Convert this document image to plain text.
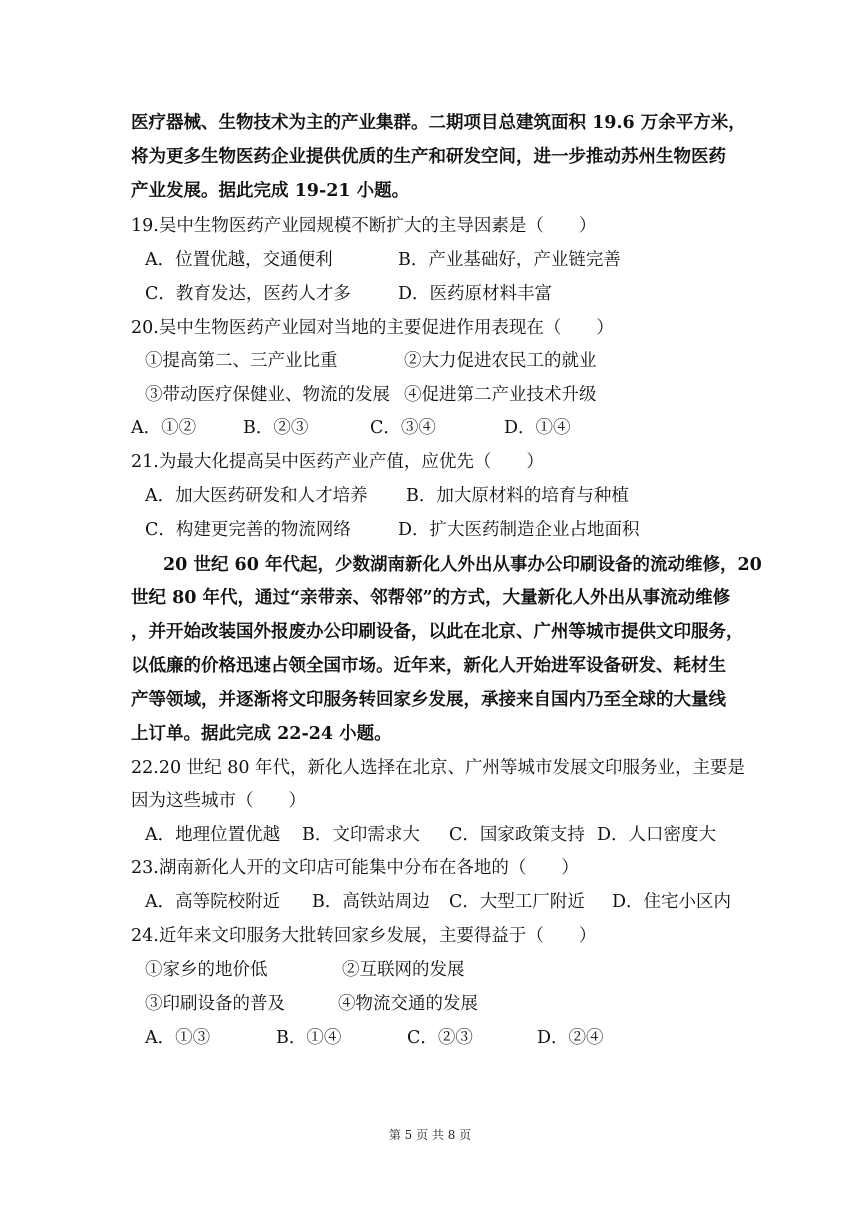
医疗器械、生物技术为主的产业集群。二期项目总建筑面积 19.6 万余平方米，
将为更多生物医药企业提供优质的生产和研发空间，进一步推动苏州生物医药
产业发展。据此完成 19-21 小题。
19.吴中生物医药产业园规模不断扩大的主导因素是（　　）
A．位置优越，交通便利	B．产业基础好，产业链完善
C．教育发达，医药人才多	D．医药原材料丰富
20.吴中生物医药产业园对当地的主要促进作用表现在（　　）
①提高第二、三产业比重	②大力促进农民工的就业
③带动医疗保健业、物流的发展 ④促进第二产业技术升级
A．①②	B．②③	C．③④	D．①④
21.为最大化提高吴中医药产业产值，应优先（　　）
A．加大医药研发和人才培养 B．加大原材料的培育与种植
C．构建更完善的物流网络	D．扩大医药制造企业占地面积
20 世纪 60 年代起，少数湖南新化人外出从事办公印刷设备的流动维修，20
世纪 80 年代，通过“亲带亲、邻帮邻”的方式，大量新化人外出从事流动维修
，并开始改装国外报废办公印刷设备，以此在北京、广州等城市提供文印服务，
以低廉的价格迅速占领全国市场。近年来，新化人开始进军设备研发、耗材生
产等领域，并逐渐将文印服务转回家乡发展，承接来自国内乃至全球的大量线
上订单。据此完成 22-24 小题。
22.20 世纪 80 年代，新化人选择在北京、广州等城市发展文印服务业，主要是
因为这些城市（　　）
A．地理位置优越 B．文印需求大 C．国家政策支持 D．人口密度大
23.湖南新化人开的文印店可能集中分布在各地的（　　）
A．高等院校附近 B．高铁站周边 C．大型工厂附近 D．住宅小区内
24.近年来文印服务大批转回家乡发展，主要得益于（　　）
①家乡的地价低	②互联网的发展
③印刷设备的普及	④物流交通的发展
A．①③	B．①④	C．②③	D．②④
第 5 页 共 8 页
